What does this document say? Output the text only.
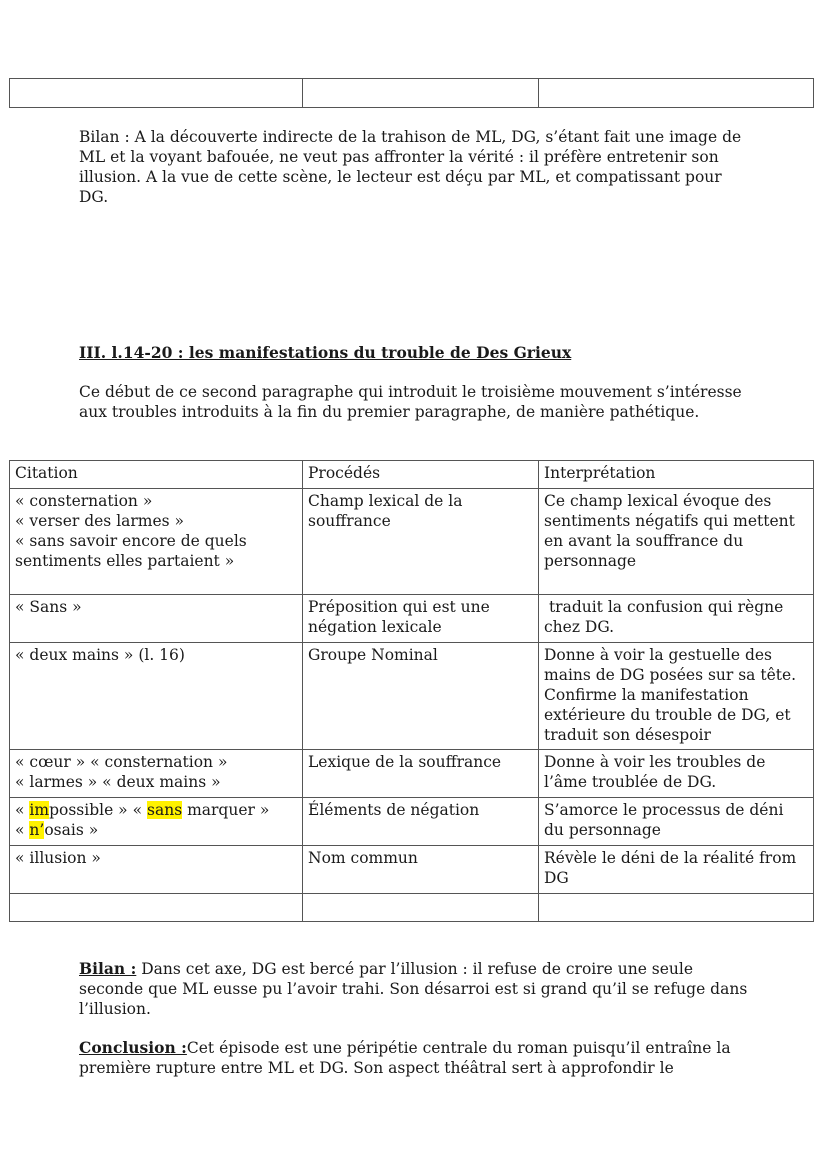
Bilan : A la découverte indirecte de la trahison de ML, DG, s’étant fait une image de ML et la voyant bafouée, ne veut pas affronter la vérité : il préfère entretenir son illusion. A la vue de cette scène, le lecteur est déçu par ML, et compatissant pour DG.

III. l.14-20 : les manifestations du trouble de Des Grieux

Ce début de ce second paragraphe qui introduit le troisième mouvement s’intéresse aux troubles introduits à la fin du premier paragraphe, de manière pathétique.

Citation	Procédés	Interprétation

« consternation »
« verser des larmes »
« sans savoir encore de quels sentiments elles partaient »	Champ lexical de la souffrance	Ce champ lexical évoque des sentiments négatifs qui mettent en avant la souffrance du personnage

« Sans »	Préposition qui est une négation lexicale	traduit la confusion qui règne chez DG.

« deux mains » (l. 16)	Groupe Nominal	Donne à voir la gestuelle des mains de DG posées sur sa tête. Confirme la manifestation extérieure du trouble de DG, et traduit son désespoir

« cœur » « consternation »
« larmes » « deux mains »	Lexique de la souffrance	Donne à voir les troubles de l’âme troublée de DG.

« impossible » « sans marquer »
« n’osais »	Éléments de négation	S’amorce le processus de déni du personnage

« illusion »	Nom commun	Révèle le déni de la réalité from DG

Bilan : Dans cet axe, DG est bercé par l’illusion : il refuse de croire une seule seconde que ML eusse pu l’avoir trahi. Son désarroi est si grand qu’il se refuge dans l’illusion.

Conclusion :Cet épisode est une péripétie centrale du roman puisqu’il entraîne la première rupture entre ML et DG. Son aspect théâtral sert à approfondir le
